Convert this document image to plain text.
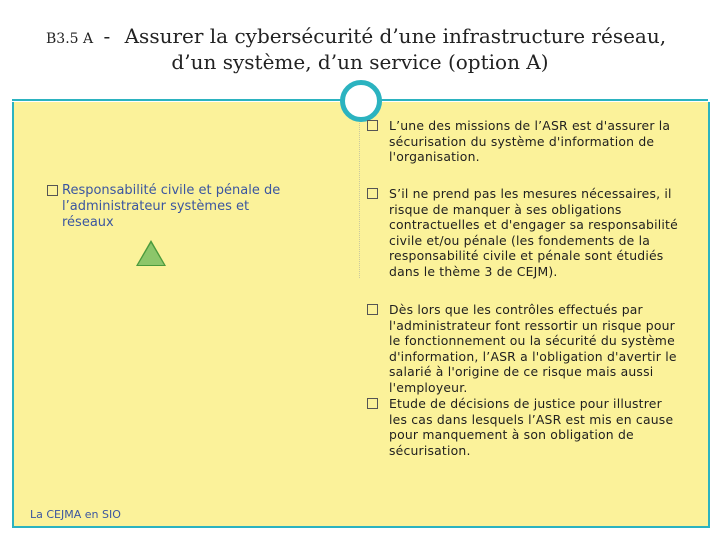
B3.5 A - Assurer la cybersécurité d’une infrastructure réseau,
d’un système, d’un service (option A)
Responsabilité civile et pénale de l’administrateur systèmes et réseaux
L’une des missions de l’ASR est d'assurer la sécurisation du système d'information de l'organisation.
S’il ne prend pas les mesures nécessaires, il risque de manquer à ses obligations contractuelles et d'engager sa responsabilité civile et/ou pénale (les fondements de la responsabilité civile et pénale sont étudiés dans le thème 3 de CEJM).
Dès lors que les contrôles effectués par l'administrateur font ressortir un risque pour le fonctionnement ou la sécurité du système d'information, l’ASR a l'obligation d'avertir le salarié à l'origine de ce risque mais aussi l'employeur.
Etude de décisions de justice pour illustrer les cas dans lesquels l’ASR est mis en cause pour manquement à son obligation de sécurisation.
La CEJMA en SIO
